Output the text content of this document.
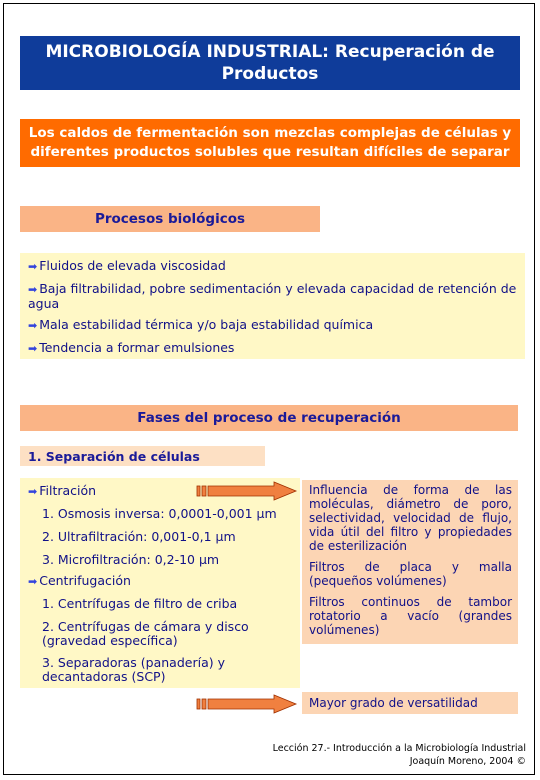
MICROBIOLOGÍA INDUSTRIAL: Recuperación de Productos
Los caldos de fermentación son mezclas complejas de células y diferentes productos solubles que resultan difíciles de separar
Procesos biológicos
➡ Fluidos de elevada viscosidad
➡ Baja filtrabilidad, pobre sedimentación y elevada capacidad de retención de agua
➡ Mala estabilidad térmica y/o baja estabilidad química
➡ Tendencia a formar emulsiones
Fases del proceso de recuperación
1. Separación de células
➡ Filtración
1. Osmosis inversa: 0,0001-0,001 μm
2. Ultrafiltración: 0,001-0,1 μm
3. Microfiltración: 0,2-10 μm
➡ Centrifugación
1. Centrífugas de filtro de criba
2. Centrífugas de cámara y disco (gravedad específica)
3. Separadoras (panadería) y decantadoras (SCP)

Influencia de forma de las moléculas, diámetro de poro, selectividad, velocidad de flujo, vida útil del filtro y propiedades de esterilización

Filtros de placa y malla (pequeños volúmenes)

Filtros continuos de tambor rotatorio a vacío (grandes volúmenes)

Mayor grado de versatilidad
Lección 27.- Introducción a la Microbiología Industrial
Joaquín Moreno, 2004 ©
